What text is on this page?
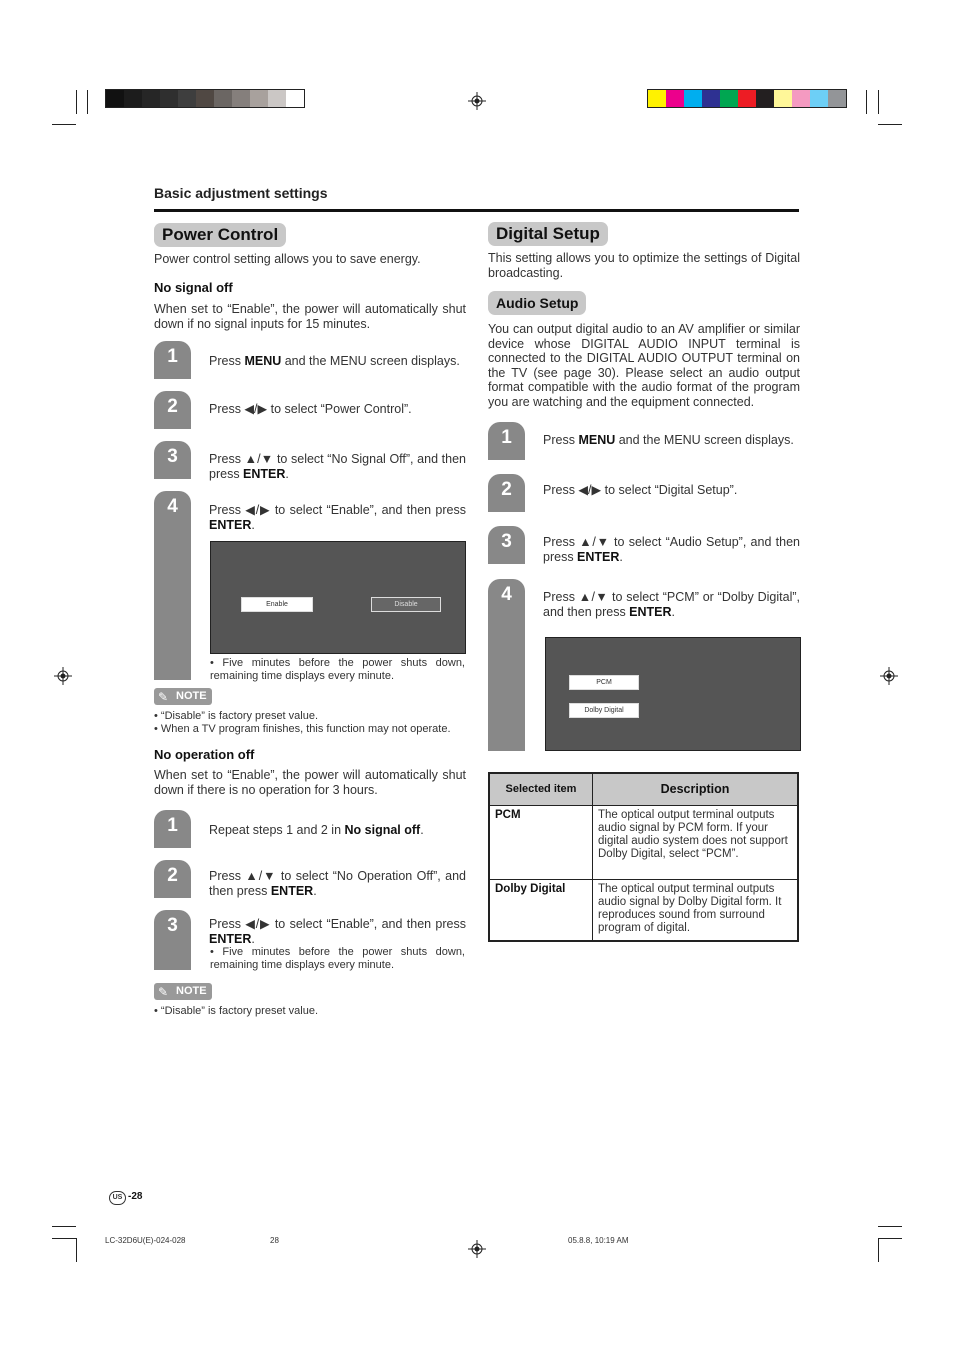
Basic adjustment settings
Power Control
Power control setting allows you to save energy.
No signal off
When set to “Enable”, the power will automatically shut down if no signal inputs for 15 minutes.
1	Press MENU and the MENU screen displays.
2	Press ◀/▶ to select “Power Control”.
3	Press ▲/▼ to select “No Signal Off”, and then press ENTER.
4	Press ◀/▶ to select “Enable”, and then press ENTER.
Enable	Disable
• Five minutes before the power shuts down, remaining time displays every minute.
✎ NOTE
• “Disable” is factory preset value.
• When a TV program finishes, this function may not operate.
No operation off
When set to “Enable”, the power will automatically shut down if there is no operation for 3 hours.
1	Repeat steps 1 and 2 in No signal off.
2	Press ▲/▼ to select “No Operation Off”, and then press ENTER.
3	Press ◀/▶ to select “Enable”, and then press ENTER.
• Five minutes before the power shuts down, remaining time displays every minute.
✎ NOTE
• “Disable” is factory preset value.
Digital Setup
This setting allows you to optimize the settings of Digital broadcasting.
Audio Setup
You can output digital audio to an AV amplifier or similar device whose DIGITAL AUDIO INPUT terminal is connected to the DIGITAL AUDIO OUTPUT terminal on the TV (see page 30). Please select an audio output format compatible with the audio format of the program you are watching and the equipment connected.
1	Press MENU and the MENU screen displays.
2	Press ◀/▶ to select “Digital Setup”.
3	Press ▲/▼ to select “Audio Setup”, and then press ENTER.
4	Press ▲/▼ to select “PCM” or “Dolby Digital”, and then press ENTER.
PCM
Dolby Digital
Selected item	Description
PCM	The optical output terminal outputs audio signal by PCM form. If your digital audio system does not support Dolby Digital, select “PCM”.
Dolby Digital	The optical output terminal outputs audio signal by Dolby Digital form. It reproduces sound from surround program of digital.
US -28
LC-32D6U(E)-024-028	28	05.8.8, 10:19 AM
